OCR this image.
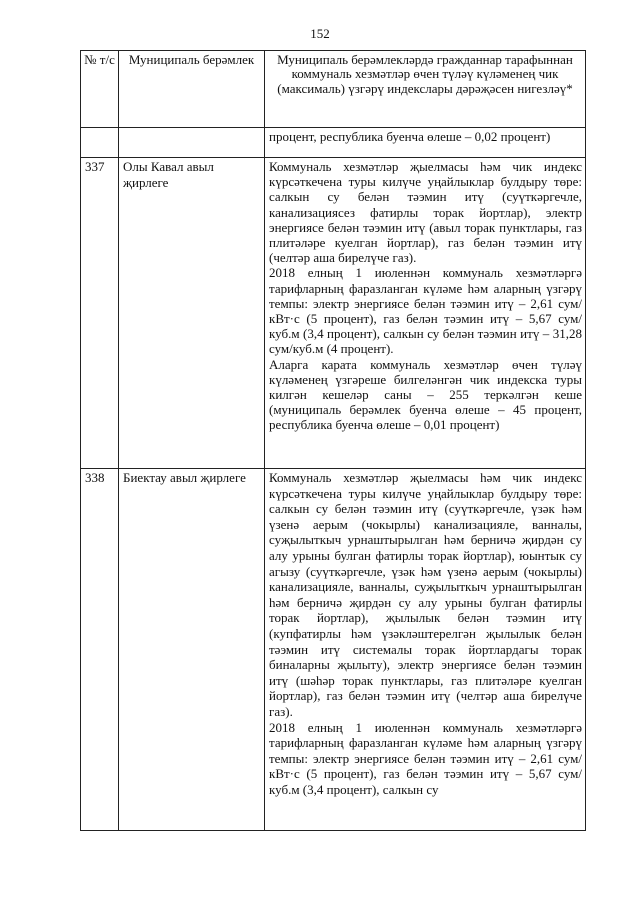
152
№ т/с	Муниципаль берәмлек	Муниципаль берәмлекләрдә гражданнар тарафыннан коммуналь хезмәтләр өчен түләү күләменең чик (максималь) үзгәрү индекслары дәрәҗәсен нигезләү*

		процент, республика буенча өлеше – 0,02 процент)

337	Олы Кавал авыл җирлеге	Коммуналь хезмәтләр җыелмасы һәм чик индекс күрсәткечена туры килүче уңайлыклар булдыру төре: салкын су белән тәэмин итү (суүткәргечле, канализациясез фатирлы торак йортлар), электр энергиясе белән тәэмин итү (авыл торак пунктлары, газ плитәләре куелган йортлар), газ белән тәэмин итү (челтәр аша бирелүче газ).
2018 елның 1 июленнән коммуналь хезмәтләргә тарифларның фаразланган күләме һәм аларның үзгәрү темпы: электр энергиясе белән тәэмин итү – 2,61 сум/кВт·с (5 процент), газ белән тәэмин итү – 5,67 сум/куб.м (3,4 процент), салкын су белән тәэмин итү – 31,28 сум/куб.м (4 процент).
Аларга карата коммуналь хезмәтләр өчен түләү күләменең үзгәреше билгеләнгән чик индекска туры килгән кешеләр саны – 255 теркәлгән кеше (муниципаль берәмлек буенча өлеше – 45 процент, республика буенча өлеше – 0,01 процент)

338	Биектау авыл җирлеге	Коммуналь хезмәтләр җыелмасы һәм чик индекс күрсәткечена туры килүче уңайлыклар булдыру төре: салкын су белән тәэмин итү (суүткәргечле, үзәк һәм үзенә аерым (чокырлы) канализацияле, ванналы, суҗылыткыч урнаштырылган һәм берничә җирдән су алу урыны булган фатирлы торак йортлар), юынтык су агызу (суүткәргечле, үзәк һәм үзенә аерым (чокырлы) канализацияле, ванналы, суҗылыткыч урнаштырылган һәм берничә җирдән су алу урыны булган фатирлы торак йортлар), җылылык белән тәэмин итү (купфатирлы һәм үзәкләштерелгән җылылык белән тәэмин итү системалы торак йортлардагы торак биналарны җылыту), электр энергиясе белән тәэмин итү (шәһәр торак пунктлары, газ плитәләре куелган йортлар), газ белән тәэмин итү (челтәр аша бирелүче газ).
2018 елның 1 июленнән коммуналь хезмәтләргә тарифларның фаразланган күләме һәм аларның үзгәрү темпы: электр энергиясе белән тәэмин итү – 2,61 сум/кВт·с (5 процент), газ белән тәэмин итү – 5,67 сум/куб.м (3,4 процент), салкын су
